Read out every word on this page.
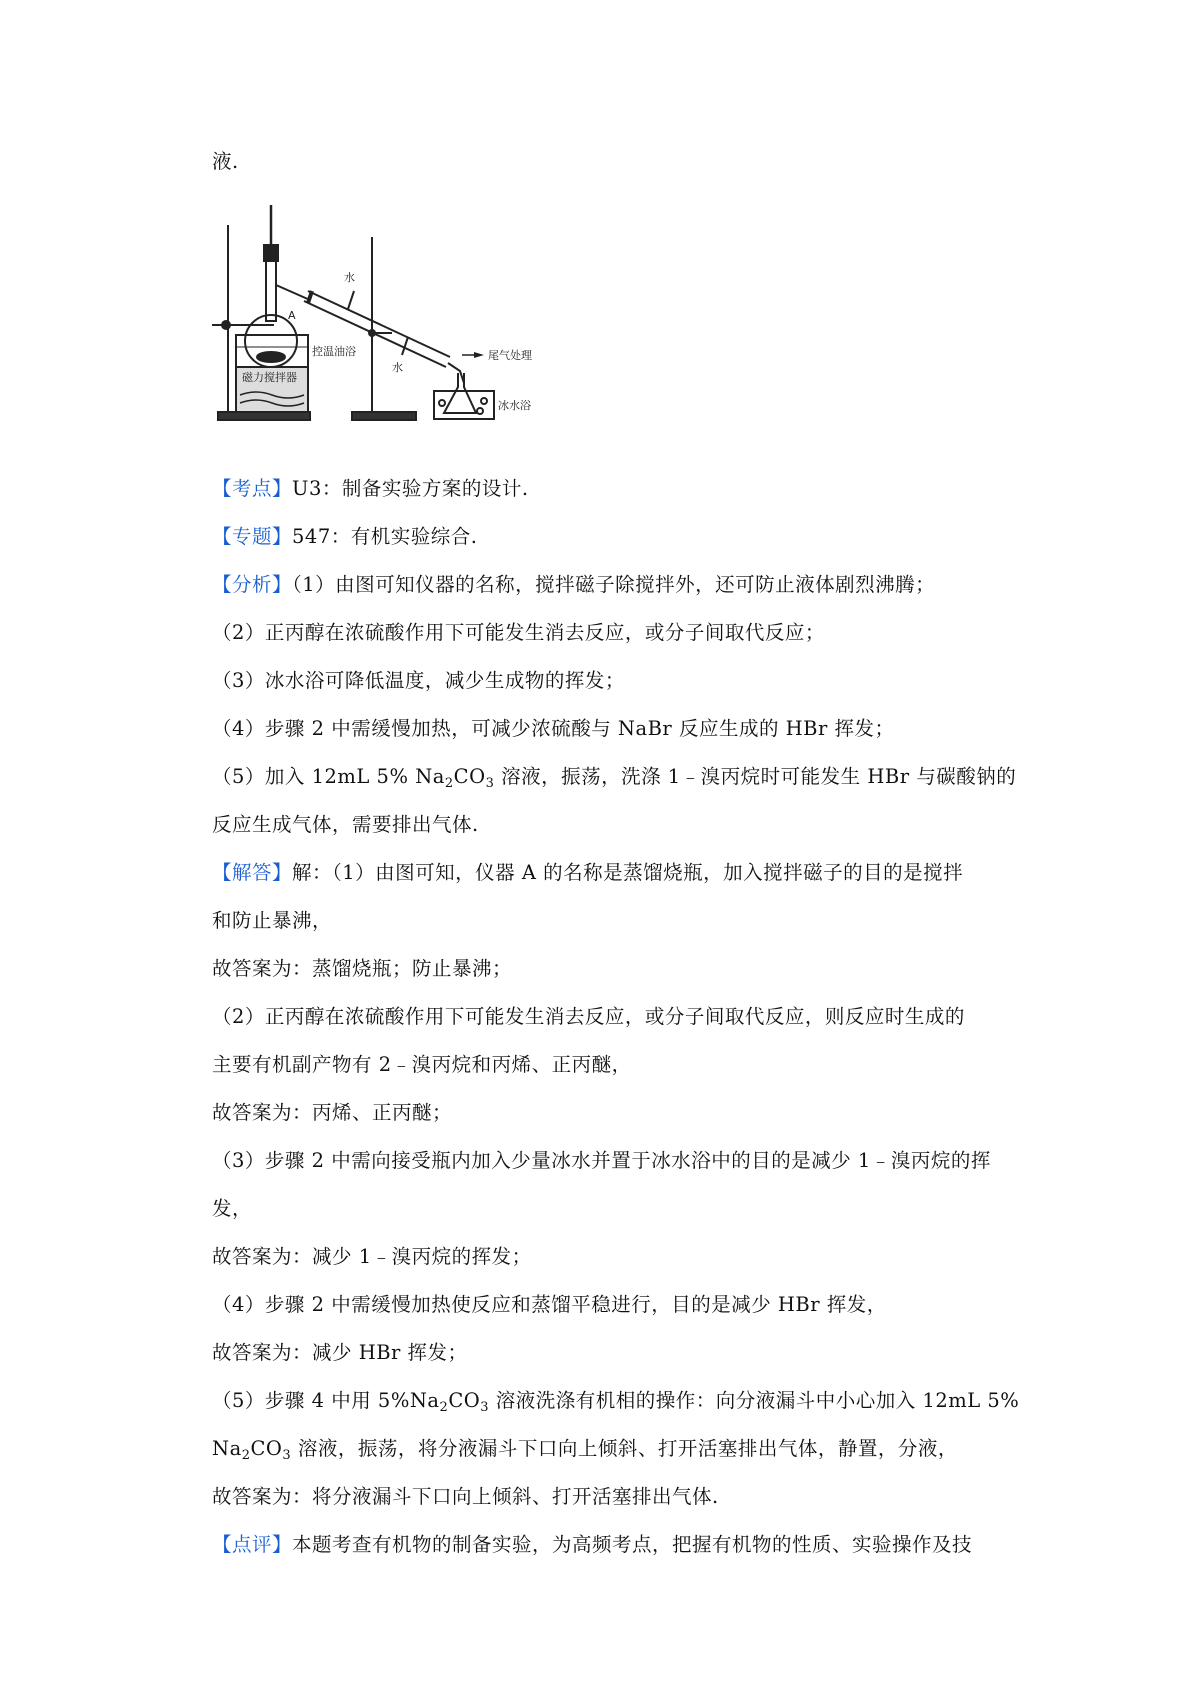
液.
A
水
水
控温油浴
磁力搅拌器
尾气处理
冰水浴
【考点】U3：制备实验方案的设计.
【专题】547：有机实验综合.
【分析】（1）由图可知仪器的名称，搅拌磁子除搅拌外，还可防止液体剧烈沸腾；
（2）正丙醇在浓硫酸作用下可能发生消去反应，或分子间取代反应；
（3）冰水浴可降低温度，减少生成物的挥发；
（4）步骤 2 中需缓慢加热，可减少浓硫酸与 NaBr 反应生成的 HBr 挥发；
（5）加入 12mL 5% $Na_2CO_3$ 溶液，振荡，洗涤 1﹣溴丙烷时可能发生 HBr 与碳酸钠的
反应生成气体，需要排出气体.
【解答】解：（1）由图可知，仪器 A 的名称是蒸馏烧瓶，加入搅拌磁子的目的是搅拌
和防止暴沸，
故答案为：蒸馏烧瓶；防止暴沸；
（2）正丙醇在浓硫酸作用下可能发生消去反应，或分子间取代反应，则反应时生成的
主要有机副产物有 2﹣溴丙烷和丙烯、正丙醚，
故答案为：丙烯、正丙醚；
（3）步骤 2 中需向接受瓶内加入少量冰水并置于冰水浴中的目的是减少 1﹣溴丙烷的挥
发，
故答案为：减少 1﹣溴丙烷的挥发；
（4）步骤 2 中需缓慢加热使反应和蒸馏平稳进行，目的是减少 HBr 挥发，
故答案为：减少 HBr 挥发；
（5）步骤 4 中用 $5\%Na_2CO_3$ 溶液洗涤有机相的操作：向分液漏斗中小心加入 12mL 5%
$Na_2CO_3$ 溶液，振荡，将分液漏斗下口向上倾斜、打开活塞排出气体，静置，分液，
故答案为：将分液漏斗下口向上倾斜、打开活塞排出气体.
【点评】本题考查有机物的制备实验，为高频考点，把握有机物的性质、实验操作及技
